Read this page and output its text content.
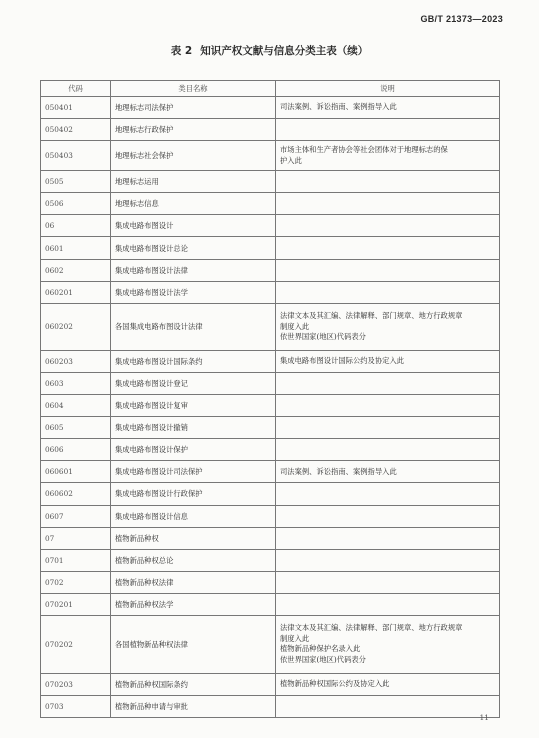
GB/T 21373—2023
表 2 知识产权文献与信息分类主表（续）
代码	类目名称	说明
050401	地理标志司法保护	司法案例、诉讼指南、案例指导入此

050402	地理标志行政保护	
050403	地理标志社会保护	市场主体和生产者协会等社会团体对于地理标志的保
护入此

0505	地理标志运用	
0506	地理标志信息	
06	集成电路布图设计	
0601	集成电路布图设计总论	
0602	集成电路布图设计法律	
060201	集成电路布图设计法学	
060202	各国集成电路布图设计法律	法律文本及其汇编、法律解释、部门规章、地方行政规章
制度入此
依世界国家(地区)代码表分

060203	集成电路布图设计国际条约	集成电路布图设计国际公约及协定入此

0603	集成电路布图设计登记	
0604	集成电路布图设计复审	
0605	集成电路布图设计撤销	
0606	集成电路布图设计保护	
060601	集成电路布图设计司法保护	司法案例、诉讼指南、案例指导入此

060602	集成电路布图设计行政保护	
0607	集成电路布图设计信息	
07	植物新品种权	
0701	植物新品种权总论	
0702	植物新品种权法律	
070201	植物新品种权法学	
070202	各国植物新品种权法律	法律文本及其汇编、法律解释、部门规章、地方行政规章
制度入此
植物新品种保护名录入此
依世界国家(地区)代码表分

070203	植物新品种权国际条约	植物新品种权国际公约及协定入此

0703	植物新品种申请与审批	
11
